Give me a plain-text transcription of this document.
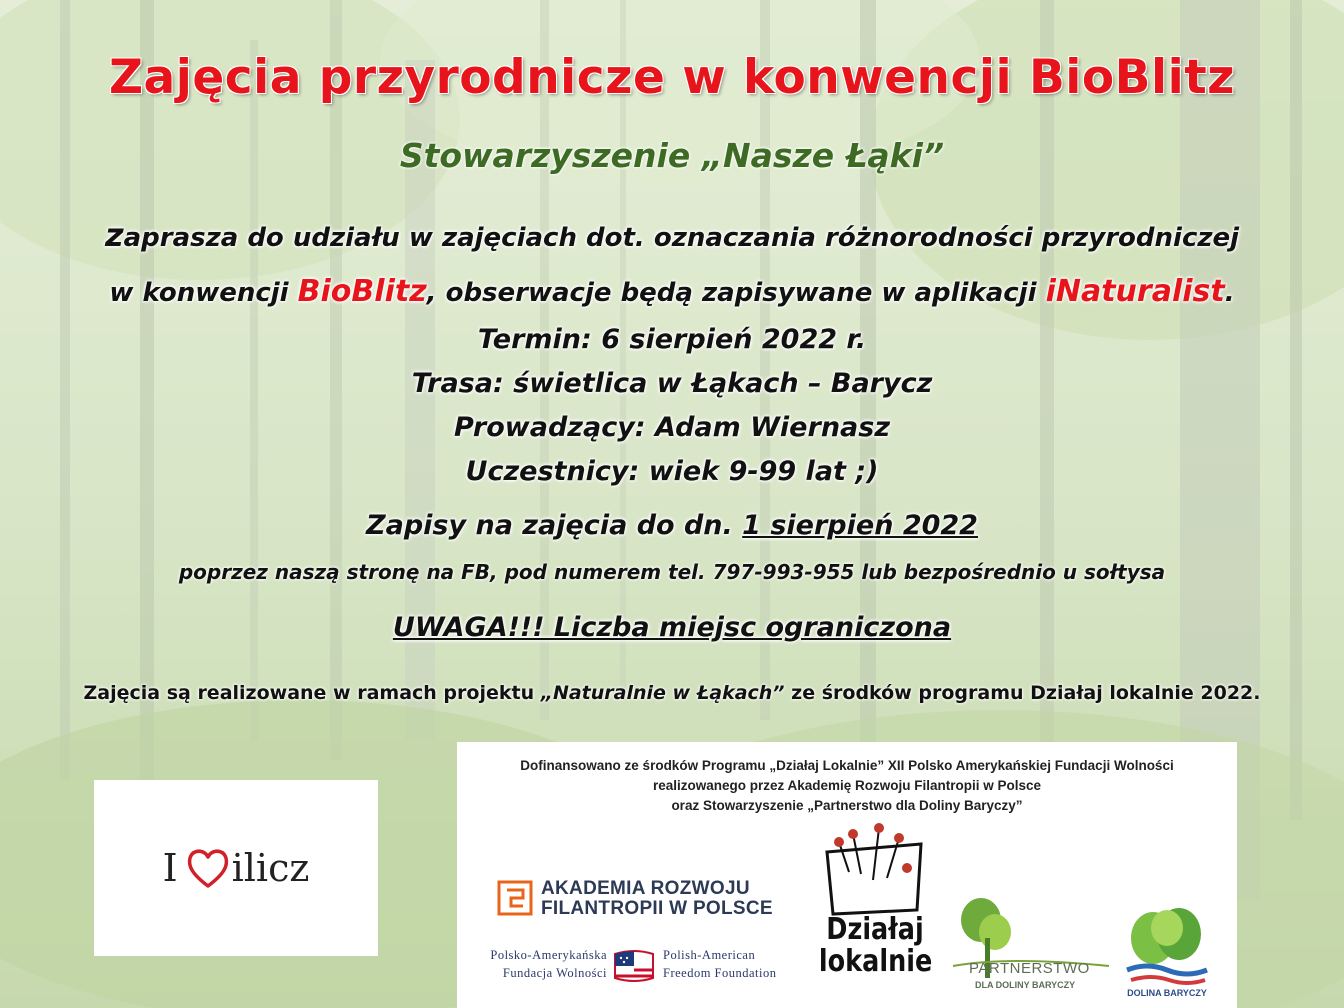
Zajęcia przyrodnicze w konwencji BioBlitz
Stowarzyszenie „Nasze Łąki”
zaprasza do udziału w zajęciach dot. oznaczania różnorodności przyrodniczej
w konwencji BioBlitz, obserwacje będą zapisywane w aplikacji iNaturalist.
Termin: 6 sierpień 2022 r.
Trasa: świetlica w Łąkach – Barycz
Prowadzący: Adam Wiernasz
Uczestnicy: wiek 9-99 lat ;)
Zapisy na zajęcia do dn. 1 sierpień 2022
poprzez naszą stronę na FB, pod numerem tel. 797-993-955 lub bezpośrednio u sołtysa
UWAGA!!! Liczba miejsc ograniczona
Zajęcia są realizowane w ramach projektu „Naturalnie w Łąkach” ze środków programu Działaj lokalnie 2022.
I ilicz
Dofinansowano ze środków Programu „Działaj Lokalnie” XII Polsko Amerykańskiej Fundacji Wolności
realizowanego przez Akademię Rozwoju Filantropii w Polsce
oraz Stowarzyszenie „Partnerstwo dla Doliny Baryczy”
AKADEMIA ROZWOJU
FILANTROPII W POLSCE
Polsko-Amerykańska
Fundacja Wolności
Polish-American
Freedom Foundation
Działaj
lokalnie PARTNERSTWO
DLA DOLINY BARYCZY
DOLINA BARYCZY
